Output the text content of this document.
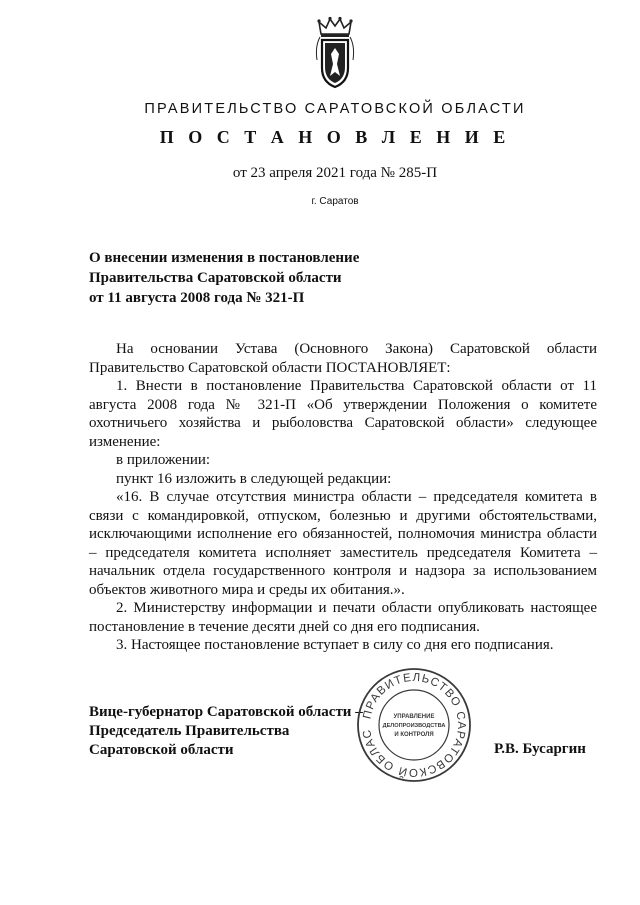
ПРАВИТЕЛЬСТВО САРАТОВСКОЙ ОБЛАСТИ
П О С Т А Н О В Л Е Н И Е
от 23 апреля 2021 года № 285-П
г. Саратов
О внесении изменения в постановление
Правительства Саратовской области
от 11 августа 2008 года № 321-П

На основании Устава (Основного Закона) Саратовской области Правительство Саратовской области ПОСТАНОВЛЯЕТ:

1. Внести в постановление Правительства Саратовской области от 11 августа 2008 года № 321-П «Об утверждении Положения о комитете охотничьего хозяйства и рыболовства Саратовской области» следующее изменение:

в приложении:

пункт 16 изложить в следующей редакции:

«16. В случае отсутствия министра области – председателя комитета в связи с командировкой, отпуском, болезнью и другими обстоятельствами, исключающими исполнение его обязанностей, полномочия министра области – председателя комитета исполняет заместитель председателя Комитета – начальник отдела государственного контроля и надзора за использованием объектов животного мира и среды их обитания.».

2. Министерству информации и печати области опубликовать настоящее постановление в течение десяти дней со дня его подписания.

3. Настоящее постановление вступает в силу со дня его подписания.

Вице-губернатор Саратовской области –
Председатель Правительства
Саратовской области
ПРАВИТЕЛЬСТВО САРАТОВСКОЙ ОБЛАС
УПРАВЛЕНИЕ
ДЕЛОПРОИЗВОДСТВА
И КОНТРОЛЯ
Р.В. Бусаргин
